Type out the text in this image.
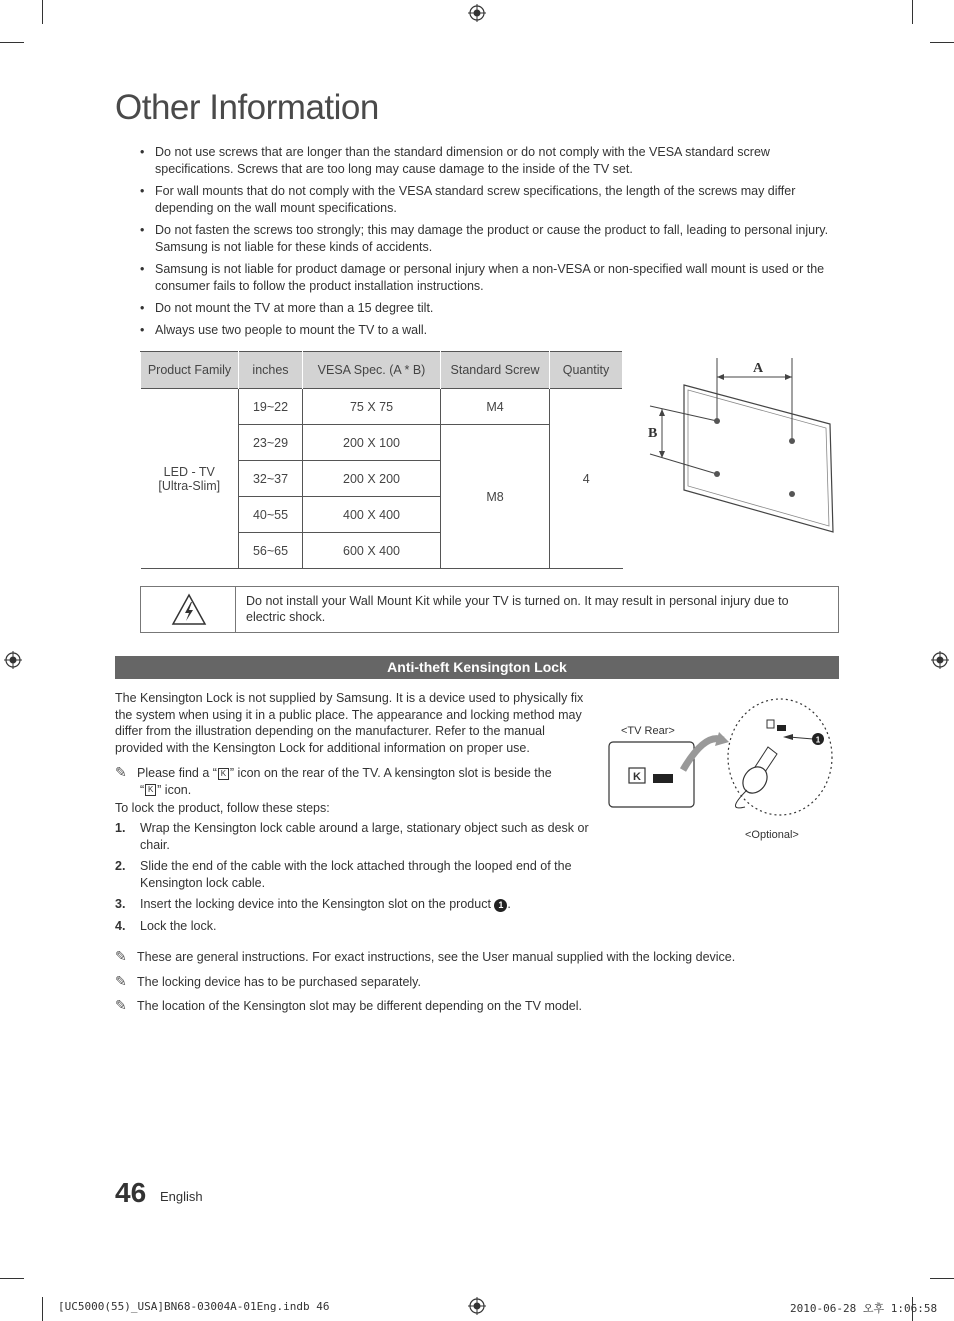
Other Information
• Do not use screws that are longer than the standard dimension or do not comply with the VESA standard screw specifications. Screws that are too long may cause damage to the inside of the TV set.
• For wall mounts that do not comply with the VESA standard screw specifications, the length of the screws may differ depending on the wall mount specifications.
• Do not fasten the screws too strongly; this may damage the product or cause the product to fall, leading to personal injury. Samsung is not liable for these kinds of accidents.
• Samsung is not liable for product damage or personal injury when a non-VESA or non-specified wall mount is used or the consumer fails to follow the product installation instructions.
• Do not mount the TV at more than a 15 degree tilt.
• Always use two people to mount the TV to a wall.
Product Family	inches	VESA Spec. (A * B)	Standard Screw	Quantity
LED - TV
[Ultra-Slim]	19~22	75 X 75	M4	4
	23~29	200 X 100	M8	
	32~37	200 X 200		
	40~55	400 X 400		
	56~65	600 X 400		
A
B
Do not install your Wall Mount Kit while your TV is turned on. It may result in personal injury due to electric shock.
Anti-theft Kensington Lock
The Kensington Lock is not supplied by Samsung. It is a device used to physically fix the system when using it in a public place. The appearance and locking method may differ from the illustration depending on the manufacturer. Refer to the manual provided with the Kensington Lock for additional information on proper use.
✎ Please find a “ K ” icon on the rear of the TV. A kensington slot is beside the
“ K ” icon.
To lock the product, follow these steps:
1.	Wrap the Kensington lock cable around a large, stationary object such as desk or chair.
2.	Slide the end of the cable with the lock attached through the looped end of the Kensington lock cable.
3.	Insert the locking device into the Kensington slot on the product 1 .
4.	Lock the lock.
✎ These are general instructions. For exact instructions, see the User manual supplied with the locking device.
✎ The locking device has to be purchased separately.
✎ The location of the Kensington slot may be different depending on the TV model.
<TV Rear>
K
1
<Optional>
46 English
[UC5000(55)_USA]BN68-03004A-01Eng.indb 46	2010-06-28 오후 1:06:58
